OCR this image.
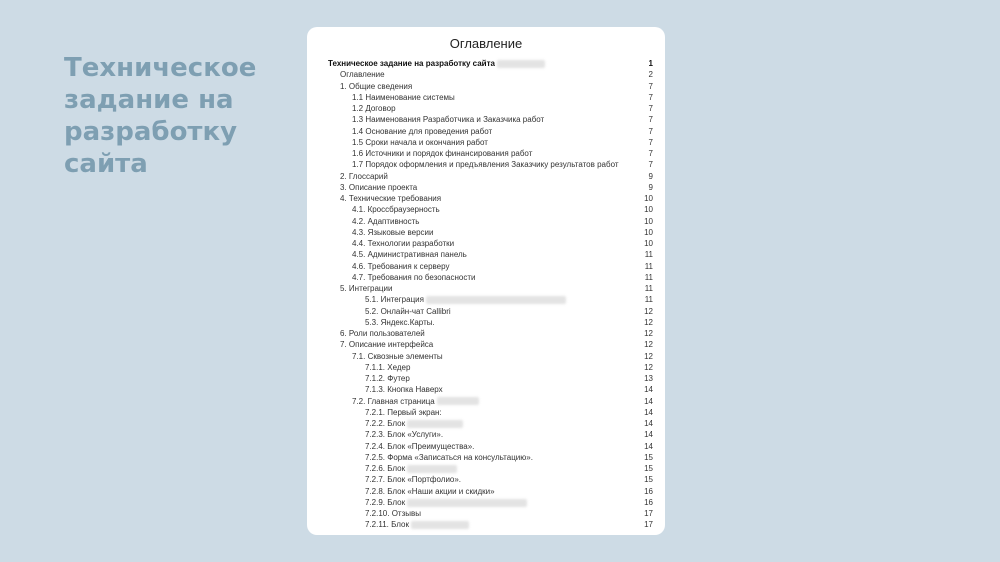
Техническое задание на разработку сайта
Оглавление
Техническое задание на разработку сайта	1
Оглавление	2
1. Общие сведения	7
1.1 Наименование системы	7
1.2 Договор	7
1.3 Наименования Разработчика и Заказчика работ	7
1.4 Основание для проведения работ	7
1.5 Сроки начала и окончания работ	7
1.6 Источники и порядок финансирования работ	7
1.7 Порядок оформления и предъявления Заказчику результатов работ	7
2. Глоссарий	9
3. Описание проекта	9
4. Технические требования	10
4.1. Кроссбраузерность	10
4.2. Адаптивность	10
4.3. Языковые версии	10
4.4. Технологии разработки	10
4.5. Административная панель	11
4.6. Требования к серверу	11
4.7. Требования по безопасности	11
5. Интеграции	11
5.1. Интеграция	11
5.2. Онлайн-чат Callibri	12
5.3. Яндекс.Карты.	12
6. Роли пользователей	12
7. Описание интерфейса	12
7.1. Сквозные элементы	12
7.1.1. Хедер	12
7.1.2. Футер	13
7.1.3. Кнопка Наверх	14
7.2. Главная страница	14
7.2.1. Первый экран:	14
7.2.2. Блок	14
7.2.3. Блок «Услуги».	14
7.2.4. Блок «Преимущества».	14
7.2.5. Форма «Записаться на консультацию».	15
7.2.6. Блок	15
7.2.7. Блок «Портфолио».	15
7.2.8. Блок «Наши акции и скидки»	16
7.2.9. Блок	16
7.2.10. Отзывы	17
7.2.11. Блок	17
